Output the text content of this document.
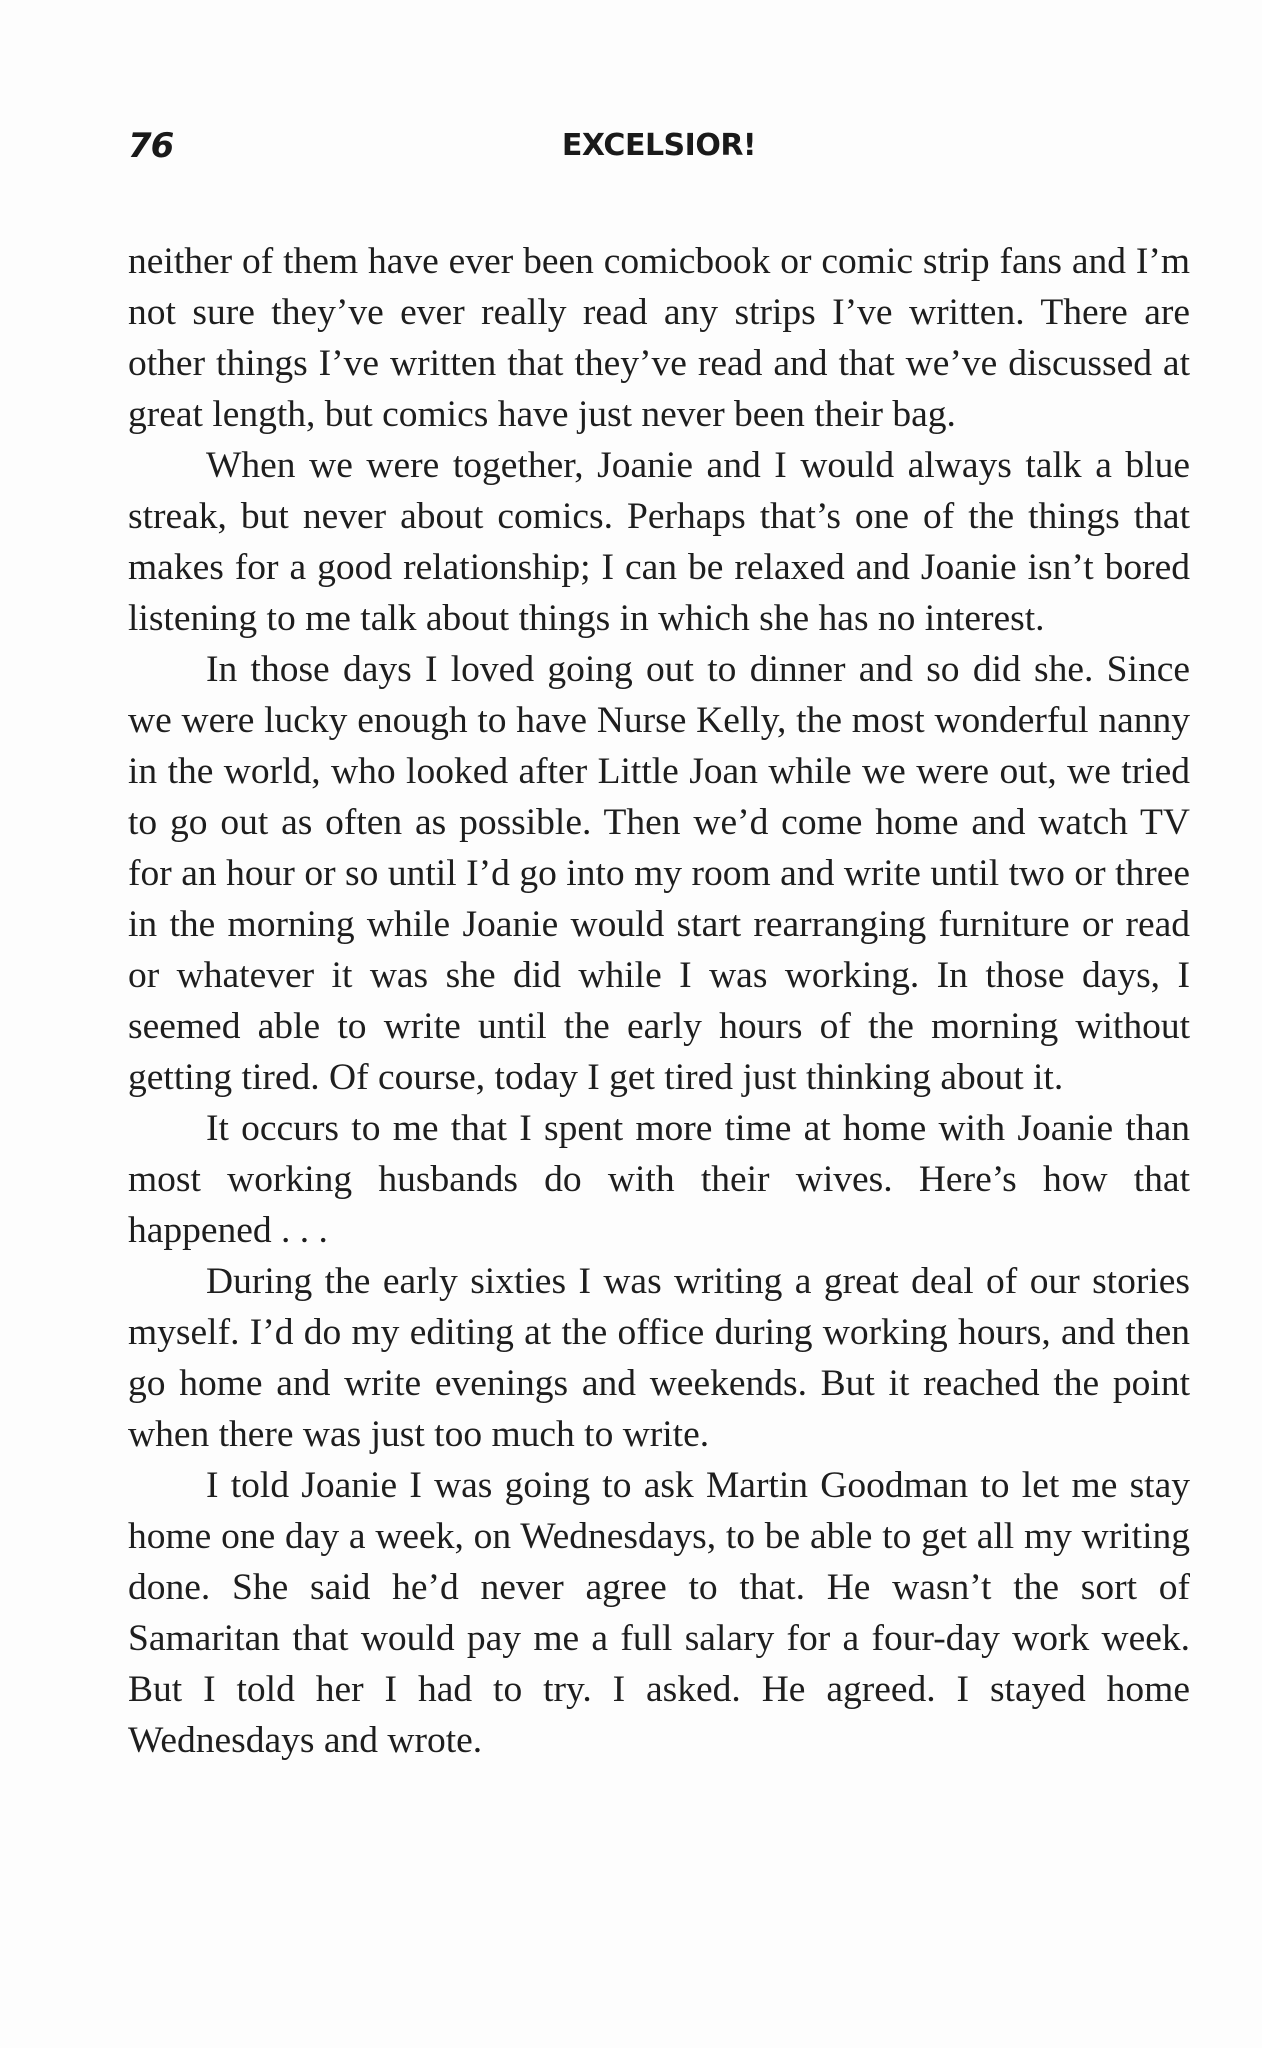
76	EXCELSIOR!

neither of them have ever been comicbook or comic strip fans and I’m not sure they’ve ever really read any strips I’ve written. There are other things I’ve written that they’ve read and that we’ve discussed at great length, but comics have just never been their bag.

When we were together, Joanie and I would always talk a blue streak, but never about comics. Perhaps that’s one of the things that makes for a good relationship; I can be relaxed and Joanie isn’t bored listening to me talk about things in which she has no interest.

In those days I loved going out to dinner and so did she. Since we were lucky enough to have Nurse Kelly, the most wonderful nanny in the world, who looked after Little Joan while we were out, we tried to go out as often as possible. Then we’d come home and watch TV for an hour or so until I’d go into my room and write until two or three in the morning while Joanie would start rearranging furniture or read or whatever it was she did while I was working. In those days, I seemed able to write until the early hours of the morning without getting tired. Of course, today I get tired just thinking about it.

It occurs to me that I spent more time at home with Joanie than most working husbands do with their wives. Here’s how that happened . . .

During the early sixties I was writing a great deal of our stories myself. I’d do my editing at the office during working hours, and then go home and write evenings and weekends. But it reached the point when there was just too much to write.

I told Joanie I was going to ask Martin Goodman to let me stay home one day a week, on Wednesdays, to be able to get all my writing done. She said he’d never agree to that. He wasn’t the sort of Samaritan that would pay me a full salary for a four-day work week. But I told her I had to try. I asked. He agreed. I stayed home Wednesdays and wrote.
